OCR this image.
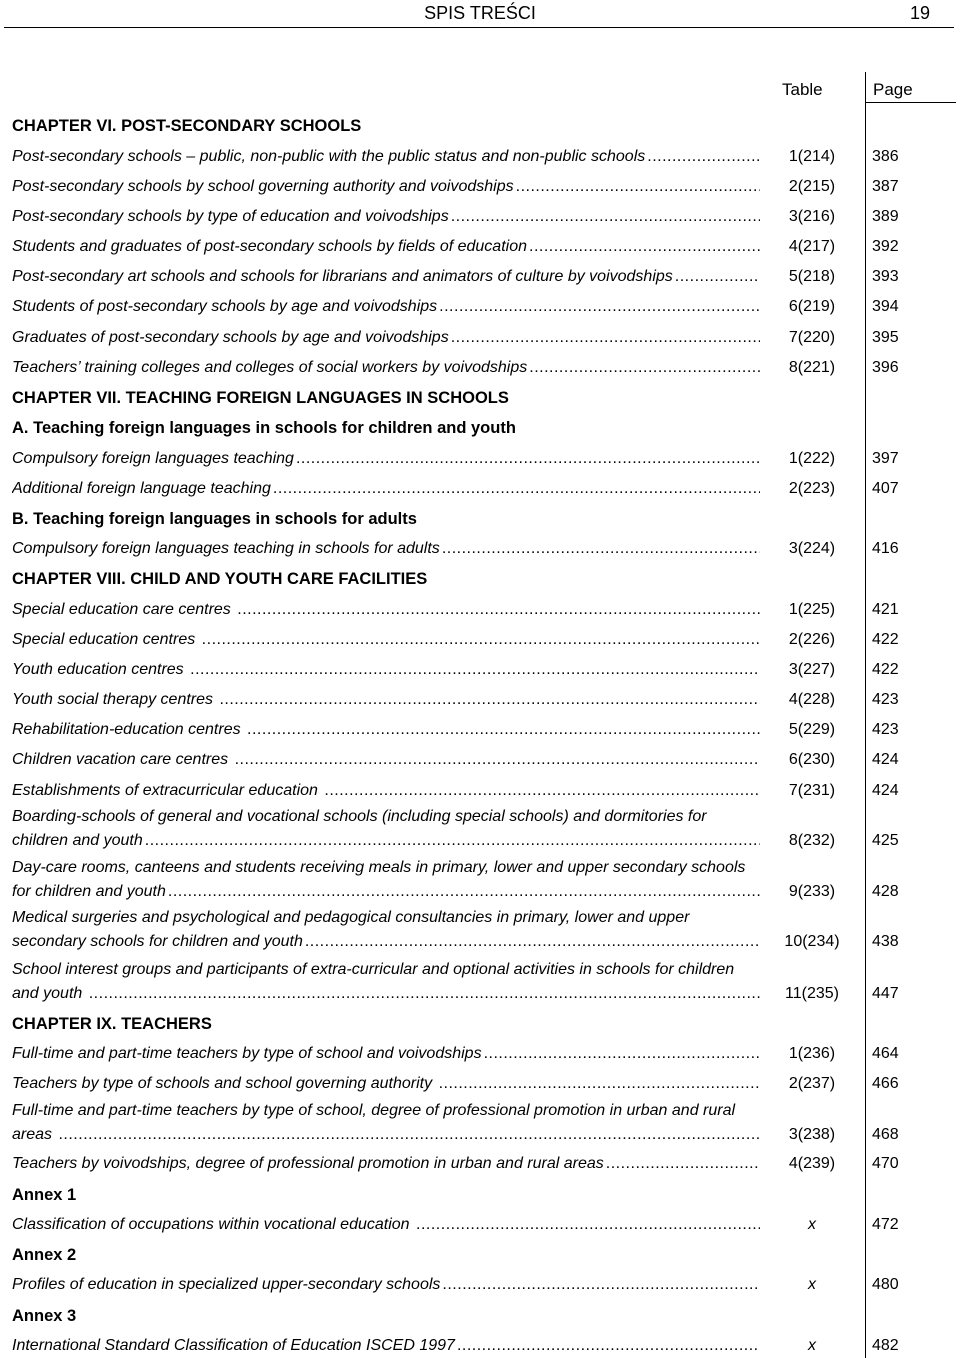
SPIS TREŚCI	19
Table	Page
CHAPTER VI. POST-SECONDARY SCHOOLS
Post-secondary schools – public, non-public with the public status and non-public schools .....	1(214)	386
Post-secondary schools by school governing authority and voivodships .....	2(215)	387
Post-secondary schools by type of education and voivodships .....	3(216)	389
Students and graduates of post-secondary schools by fields of education .....	4(217)	392
Post-secondary art schools and schools for librarians and animators of culture by voivodships .....	5(218)	393
Students of post-secondary schools by age and voivodships .....	6(219)	394
Graduates of post-secondary schools by age and voivodships .....	7(220)	395
Teachers’ training colleges and colleges of social workers by voivodships .....	8(221)	396
CHAPTER VII. TEACHING FOREIGN LANGUAGES IN SCHOOLS
A. Teaching foreign languages in schools for children and youth
Compulsory foreign languages teaching .....	1(222)	397
Additional foreign language teaching .....	2(223)	407
B. Teaching foreign languages in schools for adults
Compulsory foreign languages teaching in schools for adults .....	3(224)	416
CHAPTER VIII. CHILD AND YOUTH CARE FACILITIES
Special education care centres .....	1(225)	421
Special education centres .....	2(226)	422
Youth education centres .....	3(227)	422
Youth social therapy centres .....	4(228)	423
Rehabilitation-education centres .....	5(229)	423
Children vacation care centres .....	6(230)	424
Establishments of extracurricular education .....	7(231)	424
Boarding-schools of general and vocational schools (including special schools) and dormitories for
children and youth .....	8(232)	425
Day-care rooms, canteens and students receiving meals in primary, lower and upper secondary schools
for children and youth .....	9(233)	428
Medical surgeries and psychological and pedagogical consultancies in primary, lower and upper
secondary schools for children and youth .....	10(234) 438
School interest groups and participants of extra-curricular and optional activities in schools for children
and youth .....	11(235) 447
CHAPTER IX. TEACHERS
Full-time and part-time teachers by type of school and voivodships .....	1(236)	464
Teachers by type of schools and school governing authority .....	2(237)	466
Full-time and part-time teachers by type of school, degree of professional promotion in urban and rural
areas .....	3(238)	468
Teachers by voivodships, degree of professional promotion in urban and rural areas .....	4(239)	470
Annex 1
Classification of occupations within vocational education .....	x	472
Annex 2
Profiles of education in specialized upper-secondary schools .....	x	480
Annex 3
International Standard Classification of Education ISCED 1997 .....	x	482
